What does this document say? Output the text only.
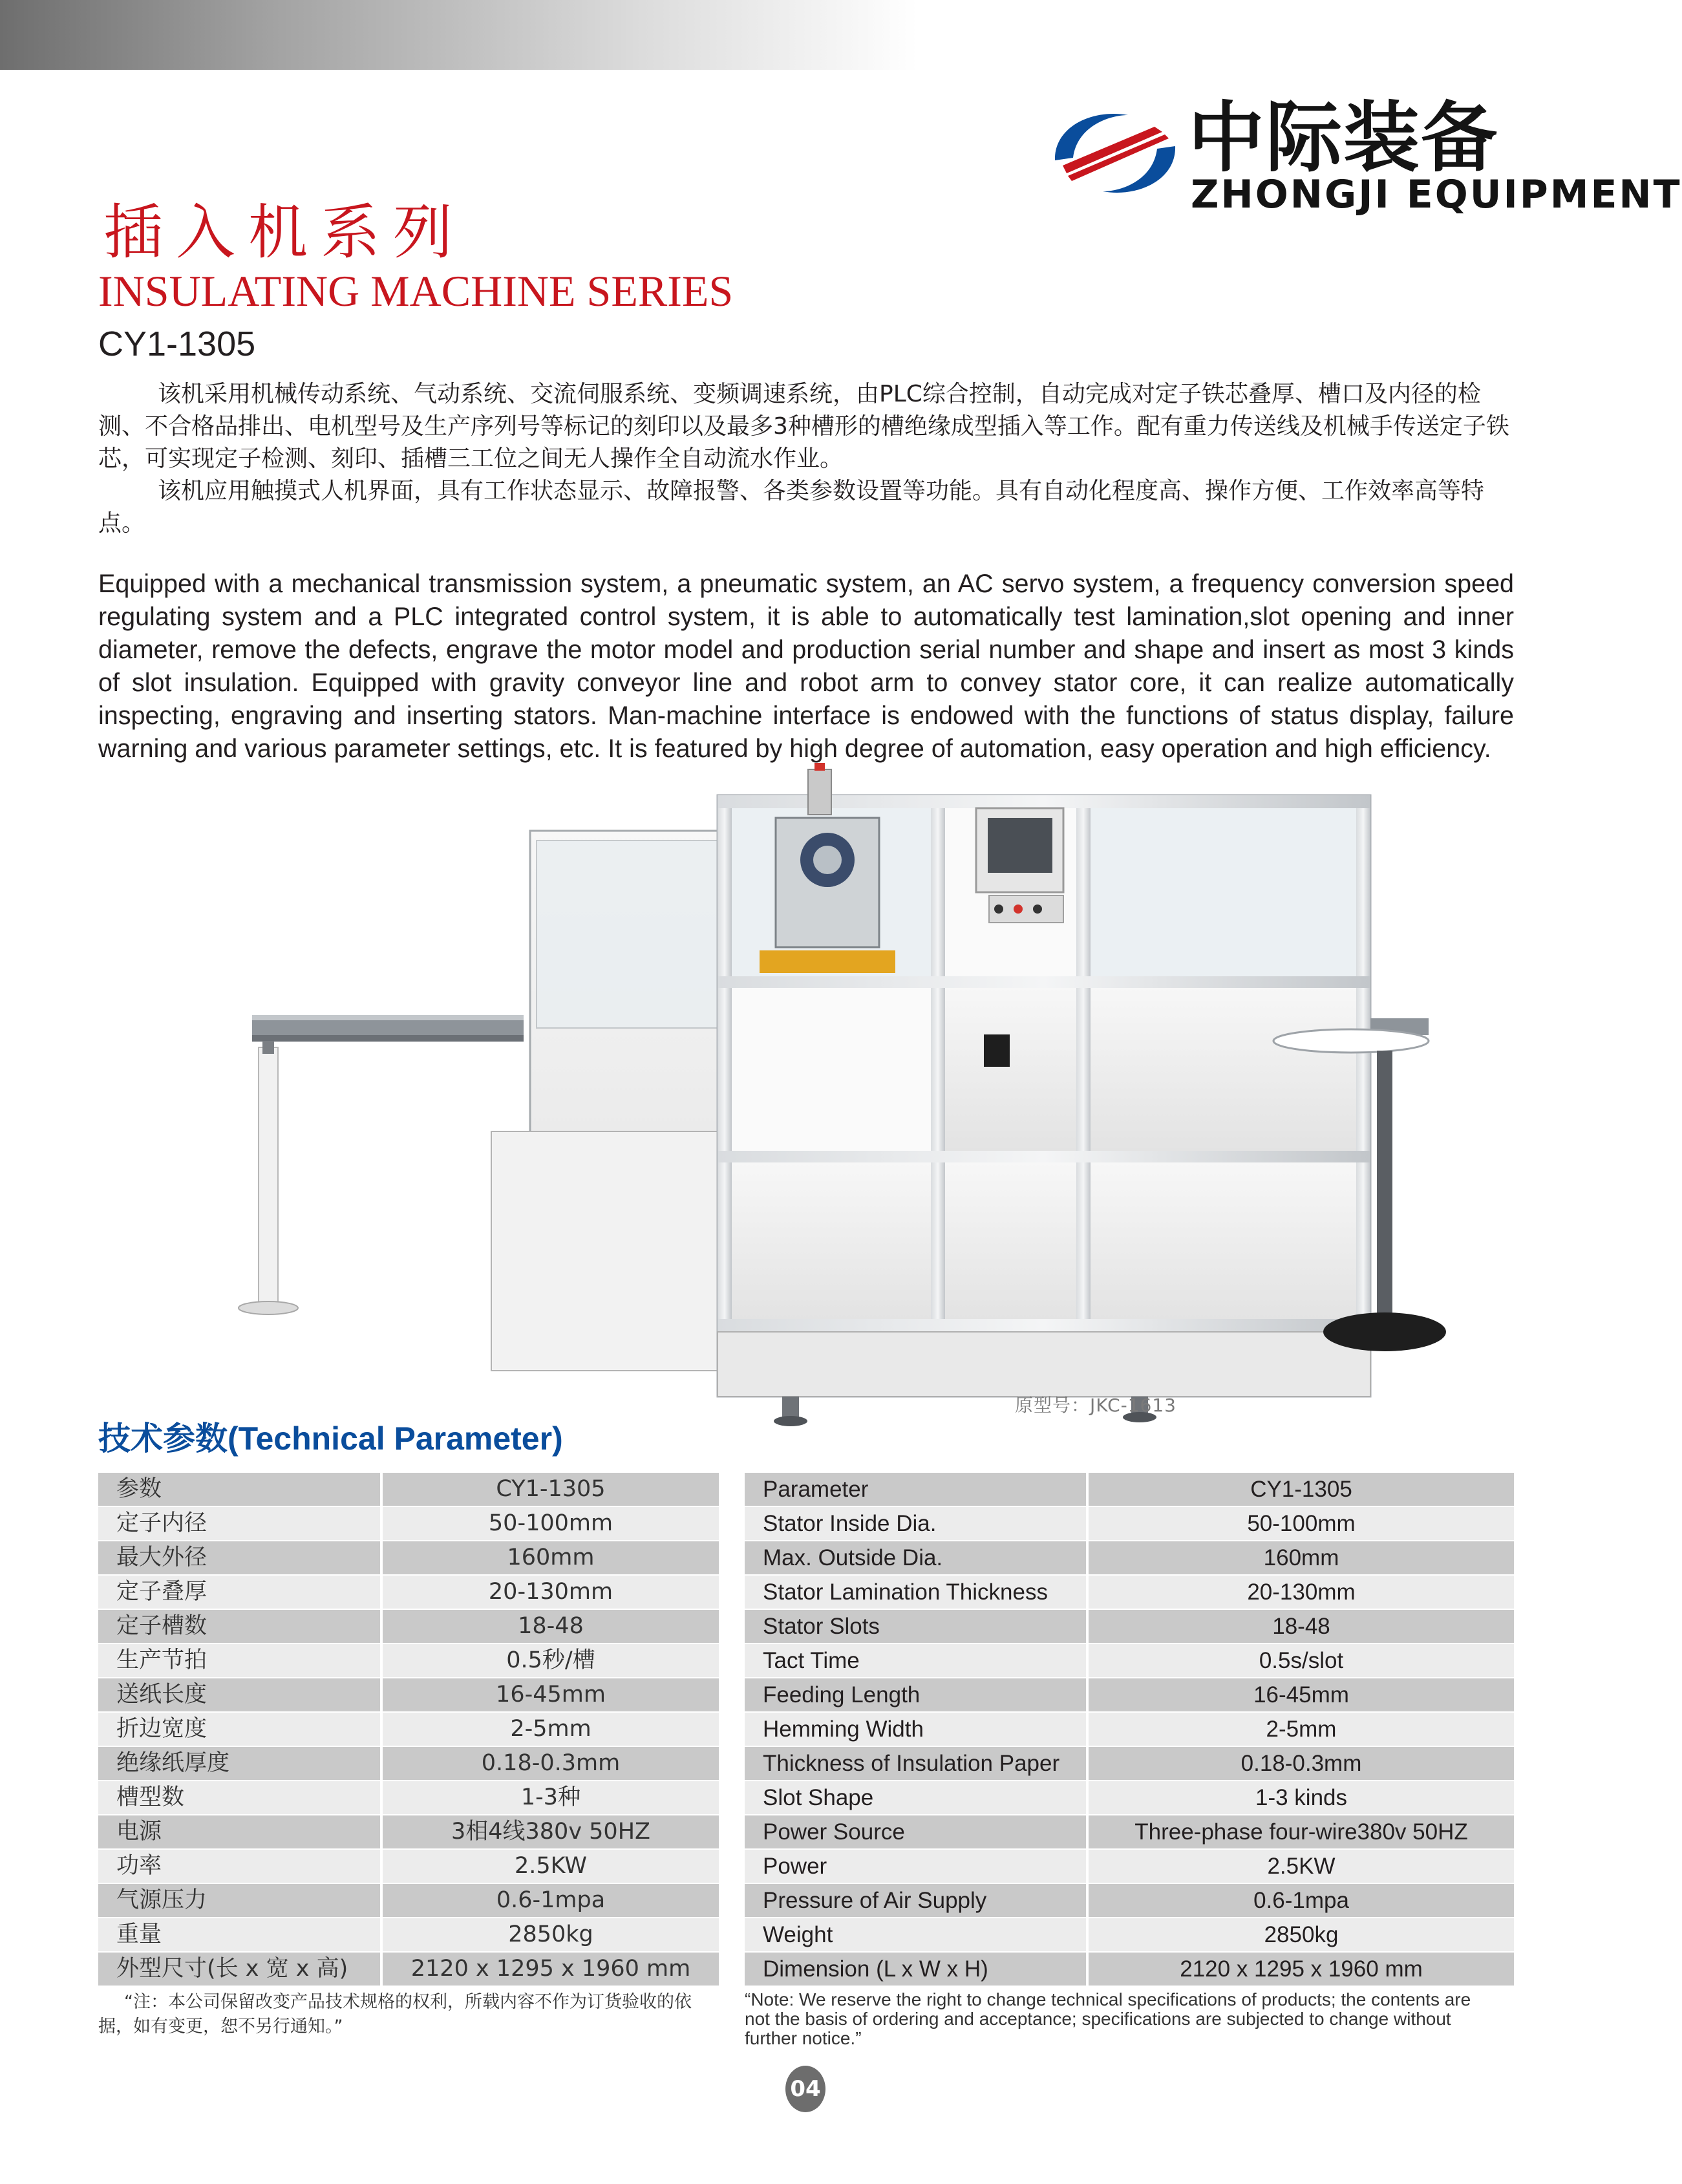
中际装备
ZHONGJI EQUIPMENT
插入机系列
INSULATING MACHINE SERIES
CY1-1305

该机采用机械传动系统、气动系统、交流伺服系统、变频调速系统，由PLC综合控制，自动完成对定子铁芯叠厚、槽口及内径的检测、不合格品排出、电机型号及生产序列号等标记的刻印以及最多3种槽形的槽绝缘成型插入等工作。配有重力传送线及机械手传送定子铁芯，可实现定子检测、刻印、插槽三工位之间无人操作全自动流水作业。

该机应用触摸式人机界面，具有工作状态显示、故障报警、各类参数设置等功能。具有自动化程度高、操作方便、工作效率高等特点。

Equipped with a mechanical transmission system, a pneumatic system, an AC servo system, a frequency conversion speed regulating system and a PLC integrated control system, it is able to automatically test lamination,slot opening and inner diameter, remove the defects, engrave the motor model and production serial number and shape and insert as most 3 kinds of slot insulation. Equipped with gravity conveyor line and robot arm to convey stator core, it can realize automatically inspecting, engraving and inserting stators. Man-machine interface is endowed with the functions of status display, failure warning and various parameter settings, etc. It is featured by high degree of automation, easy operation and high efficiency.

原型号：JKC-1613
技术参数(Technical Parameter)
参数	CY1-1305
定子内径	50-100mm
最大外径	160mm
定子叠厚	20-130mm
定子槽数	18-48
生产节拍	0.5秒/槽
送纸长度	16-45mm
折边宽度	2-5mm
绝缘纸厚度	0.18-0.3mm
槽型数	1-3种
电源	3相4线380v 50HZ
功率	2.5KW
气源压力	0.6-1mpa
重量	2850kg
外型尺寸(长 x 宽 x 高)	2120 x 1295 x 1960 mm
Parameter	CY1-1305
Stator Inside Dia.	50-100mm
Max. Outside Dia.	160mm
Stator Lamination Thickness	20-130mm
Stator Slots	18-48
Tact Time	0.5s/slot
Feeding Length	16-45mm
Hemming Width	2-5mm
Thickness of Insulation Paper	0.18-0.3mm
Slot Shape	1-3 kinds
Power Source	Three-phase four-wire380v 50HZ
Power	2.5KW
Pressure of Air Supply	0.6-1mpa
Weight	2850kg
Dimension (L x W x H)	2120 x 1295 x 1960 mm

“注：本公司保留改变产品技术规格的权利，所载内容不作为订货验收的依据，如有变更，恕不另行通知。”

“Note: We reserve the right to change technical specifications of products; the contents are not the basis of ordering and acceptance; specifications are subjected to change without further notice.”

04
